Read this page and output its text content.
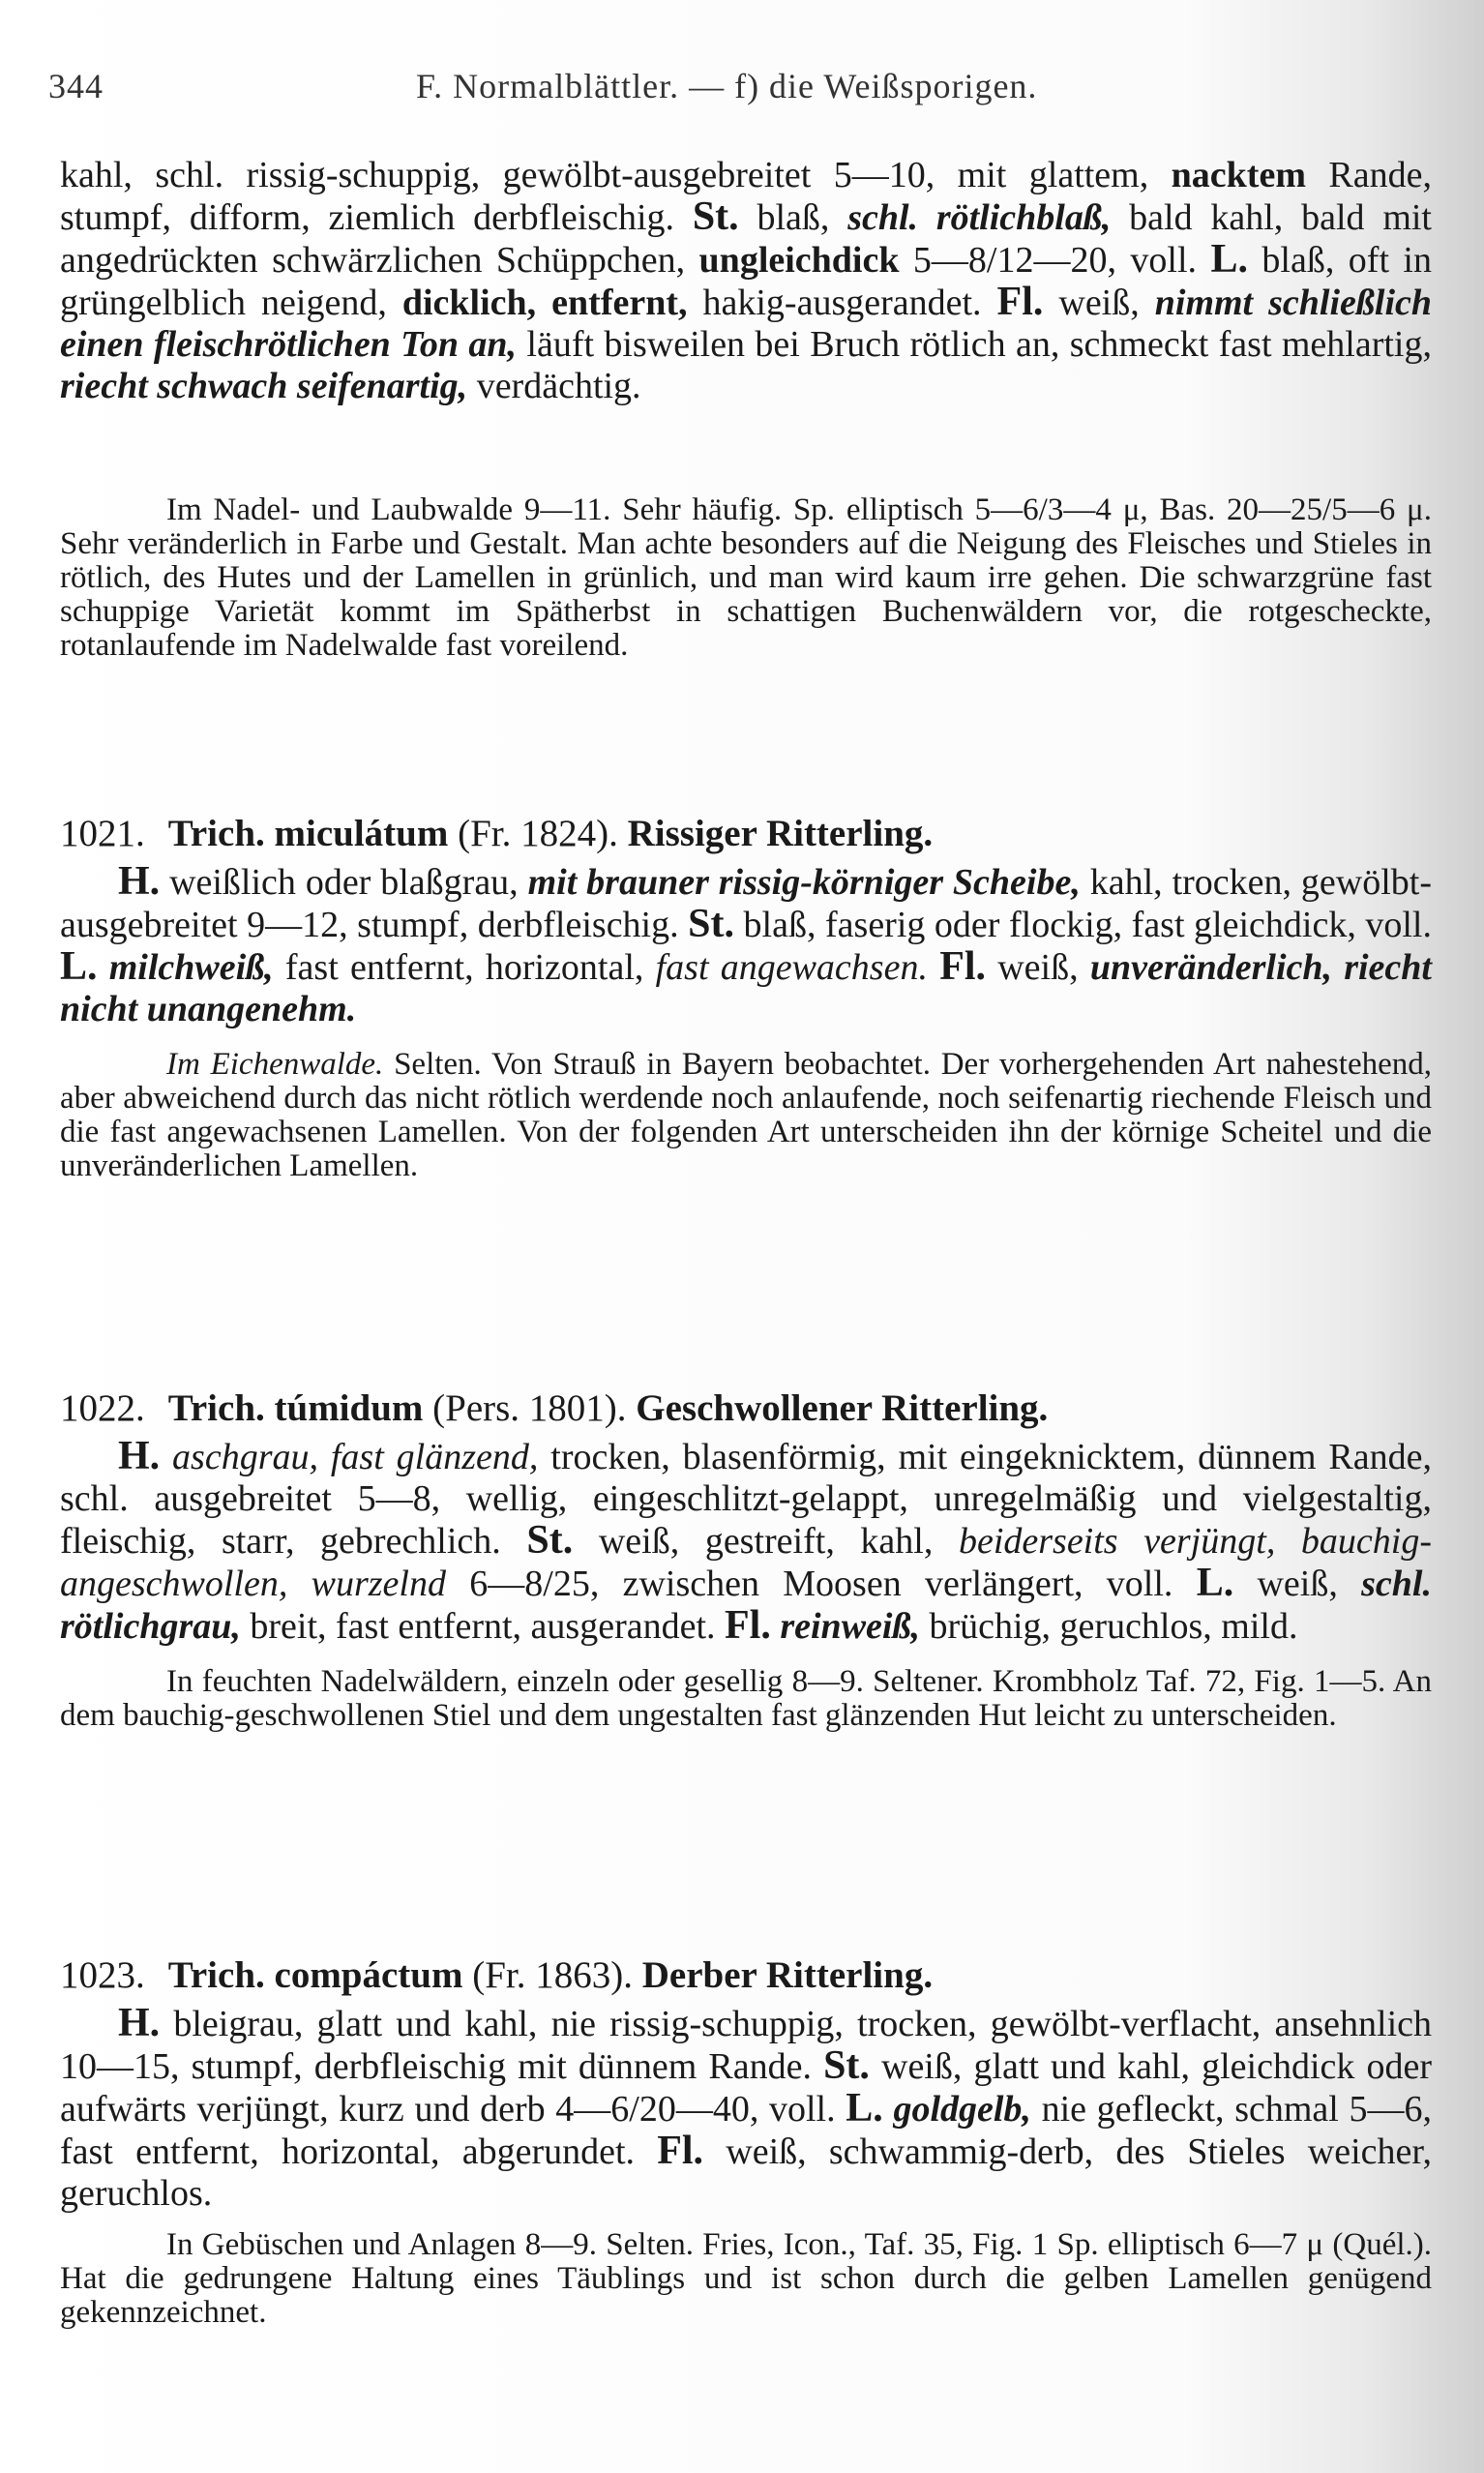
344	F. Normalblättler. — f) die Weißsporigen.

kahl, schl. rissig-schuppig, gewölbt-ausgebreitet 5—10, mit glattem, nacktem Rande, stumpf, difform, ziemlich derbfleischig. St. blaß, schl. rötlichblaß, bald kahl, bald mit angedrückten schwärzlichen Schüppchen, ungleichdick 5—8/12—20, voll. L. blaß, oft in grüngelblich neigend, dicklich, entfernt, hakig-ausgerandet. Fl. weiß, nimmt schließlich einen fleischrötlichen Ton an, läuft bisweilen bei Bruch rötlich an, schmeckt fast mehlartig, riecht schwach seifenartig, verdächtig.

Im Nadel- und Laubwalde 9—11. Sehr häufig. Sp. elliptisch 5—6/3—4 μ, Bas. 20—25/5—6 μ. Sehr veränderlich in Farbe und Gestalt. Man achte besonders auf die Neigung des Fleisches und Stieles in rötlich, des Hutes und der Lamellen in grünlich, und man wird kaum irre gehen. Die schwarzgrüne fast schuppige Varietät kommt im Spätherbst in schattigen Buchenwäldern vor, die rotgescheckte, rotanlaufende im Nadelwalde fast voreilend.

1021. Trich. miculátum (Fr. 1824). Rissiger Ritterling.

H. weißlich oder blaßgrau, mit brauner rissig-körniger Scheibe, kahl, trocken, gewölbt-ausgebreitet 9—12, stumpf, derbfleischig. St. blaß, faserig oder flockig, fast gleichdick, voll. L. milchweiß, fast entfernt, horizontal, fast angewachsen. Fl. weiß, unveränderlich, riecht nicht unangenehm.

Im Eichenwalde. Selten. Von Strauß in Bayern beobachtet. Der vorhergehenden Art nahestehend, aber abweichend durch das nicht rötlich werdende noch anlaufende, noch seifenartig riechende Fleisch und die fast angewachsenen Lamellen. Von der folgenden Art unterscheiden ihn der körnige Scheitel und die unveränderlichen Lamellen.

1022. Trich. túmidum (Pers. 1801). Geschwollener Ritterling.

H. aschgrau, fast glänzend, trocken, blasenförmig, mit eingeknicktem, dünnem Rande, schl. ausgebreitet 5—8, wellig, eingeschlitzt-gelappt, unregelmäßig und vielgestaltig, fleischig, starr, gebrechlich. St. weiß, gestreift, kahl, beiderseits verjüngt, bauchig-angeschwollen, wurzelnd 6—8/25, zwischen Moosen verlängert, voll. L. weiß, schl. rötlichgrau, breit, fast entfernt, ausgerandet. Fl. reinweiß, brüchig, geruchlos, mild.

In feuchten Nadelwäldern, einzeln oder gesellig 8—9. Seltener. Krombholz Taf. 72, Fig. 1—5. An dem bauchig-geschwollenen Stiel und dem ungestalten fast glänzenden Hut leicht zu unterscheiden.

1023. Trich. compáctum (Fr. 1863). Derber Ritterling.

H. bleigrau, glatt und kahl, nie rissig-schuppig, trocken, gewölbt-verflacht, ansehnlich 10—15, stumpf, derbfleischig mit dünnem Rande. St. weiß, glatt und kahl, gleichdick oder aufwärts verjüngt, kurz und derb 4—6/20—40, voll. L. goldgelb, nie gefleckt, schmal 5—6, fast entfernt, horizontal, abgerundet. Fl. weiß, schwammig-derb, des Stieles weicher, geruchlos.

In Gebüschen und Anlagen 8—9. Selten. Fries, Icon., Taf. 35, Fig. 1 Sp. elliptisch 6—7 μ (Quél.). Hat die gedrungene Haltung eines Täublings und ist schon durch die gelben Lamellen genügend gekennzeichnet.
